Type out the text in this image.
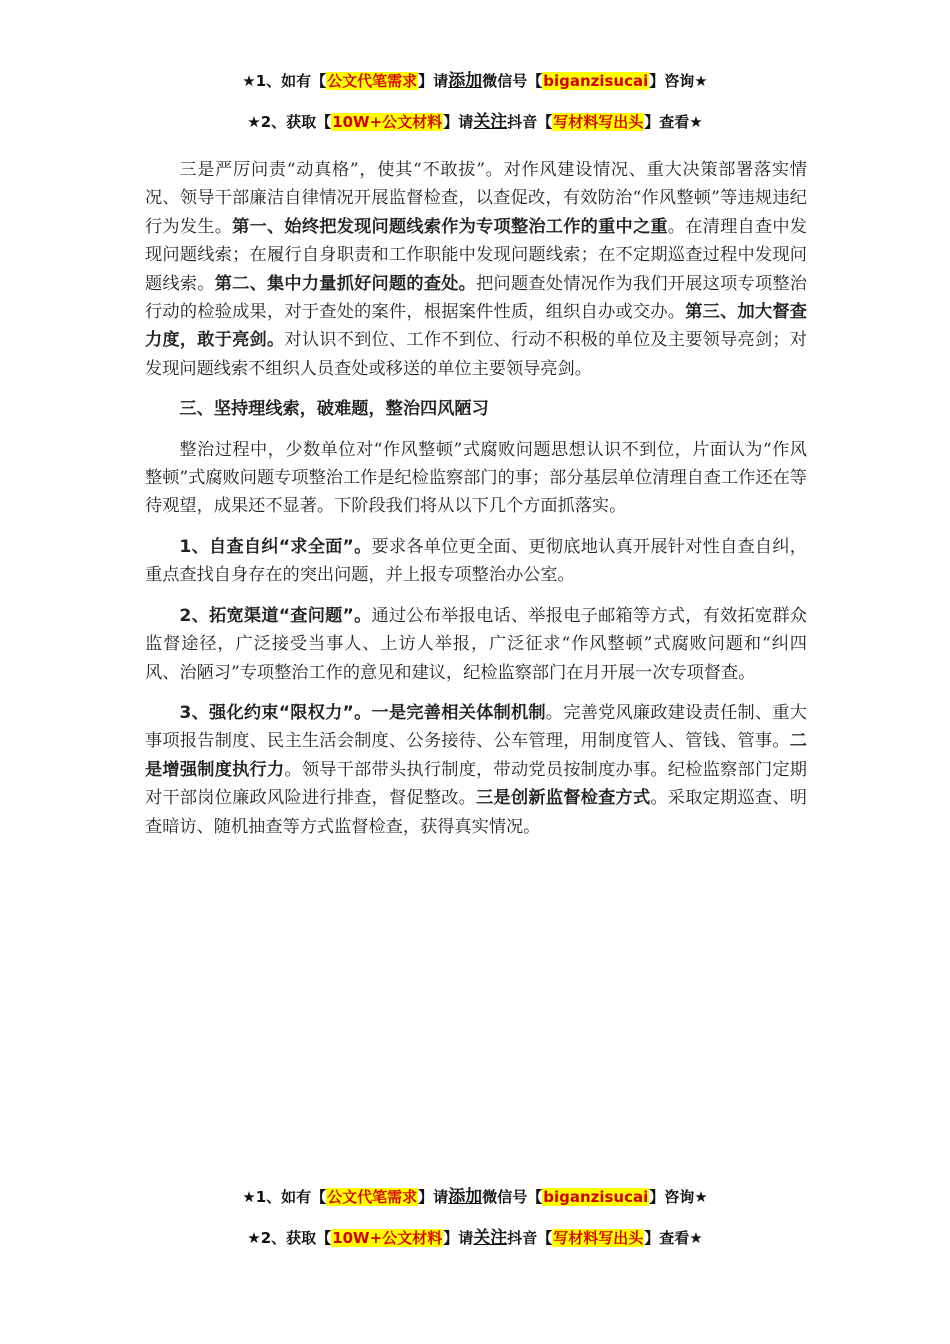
★1、如有【公文代笔需求】请添加微信号【biganzisucai】咨询★
★2、获取【10W+公文材料】请关注抖音【写材料写出头】查看★

三是严厉问责“动真格”，使其“不敢拔”。对作风建设情况、重大决策部署落实情况、领导干部廉洁自律情况开展监督检查，以查促改，有效防治“作风整顿”等违规违纪行为发生。第一、始终把发现问题线索作为专项整治工作的重中之重。在清理自查中发现问题线索；在履行自身职责和工作职能中发现问题线索；在不定期巡查过程中发现问题线索。第二、集中力量抓好问题的查处。把问题查处情况作为我们开展这项专项整治行动的检验成果，对于查处的案件，根据案件性质，组织自办或交办。第三、加大督查力度，敢于亮剑。对认识不到位、工作不到位、行动不积极的单位及主要领导亮剑；对发现问题线索不组织人员查处或移送的单位主要领导亮剑。

三、坚持理线索，破难题，整治四风陋习

整治过程中，少数单位对“作风整顿”式腐败问题思想认识不到位，片面认为“作风整顿”式腐败问题专项整治工作是纪检监察部门的事；部分基层单位清理自查工作还在等待观望，成果还不显著。下阶段我们将从以下几个方面抓落实。

1、自查自纠“求全面”。要求各单位更全面、更彻底地认真开展针对性自查自纠，重点查找自身存在的突出问题，并上报专项整治办公室。

2、拓宽渠道“查问题”。通过公布举报电话、举报电子邮箱等方式，有效拓宽群众监督途径，广泛接受当事人、上访人举报，广泛征求“作风整顿”式腐败问题和“纠四风、治陋习”专项整治工作的意见和建议，纪检监察部门在月开展一次专项督查。

3、强化约束“限权力”。一是完善相关体制机制。完善党风廉政建设责任制、重大事项报告制度、民主生活会制度、公务接待、公车管理，用制度管人、管钱、管事。二是增强制度执行力。领导干部带头执行制度，带动党员按制度办事。纪检监察部门定期对干部岗位廉政风险进行排查，督促整改。三是创新监督检查方式。采取定期巡查、明查暗访、随机抽查等方式监督检查，获得真实情况。

★1、如有【公文代笔需求】请添加微信号【biganzisucai】咨询★
★2、获取【10W+公文材料】请关注抖音【写材料写出头】查看★
